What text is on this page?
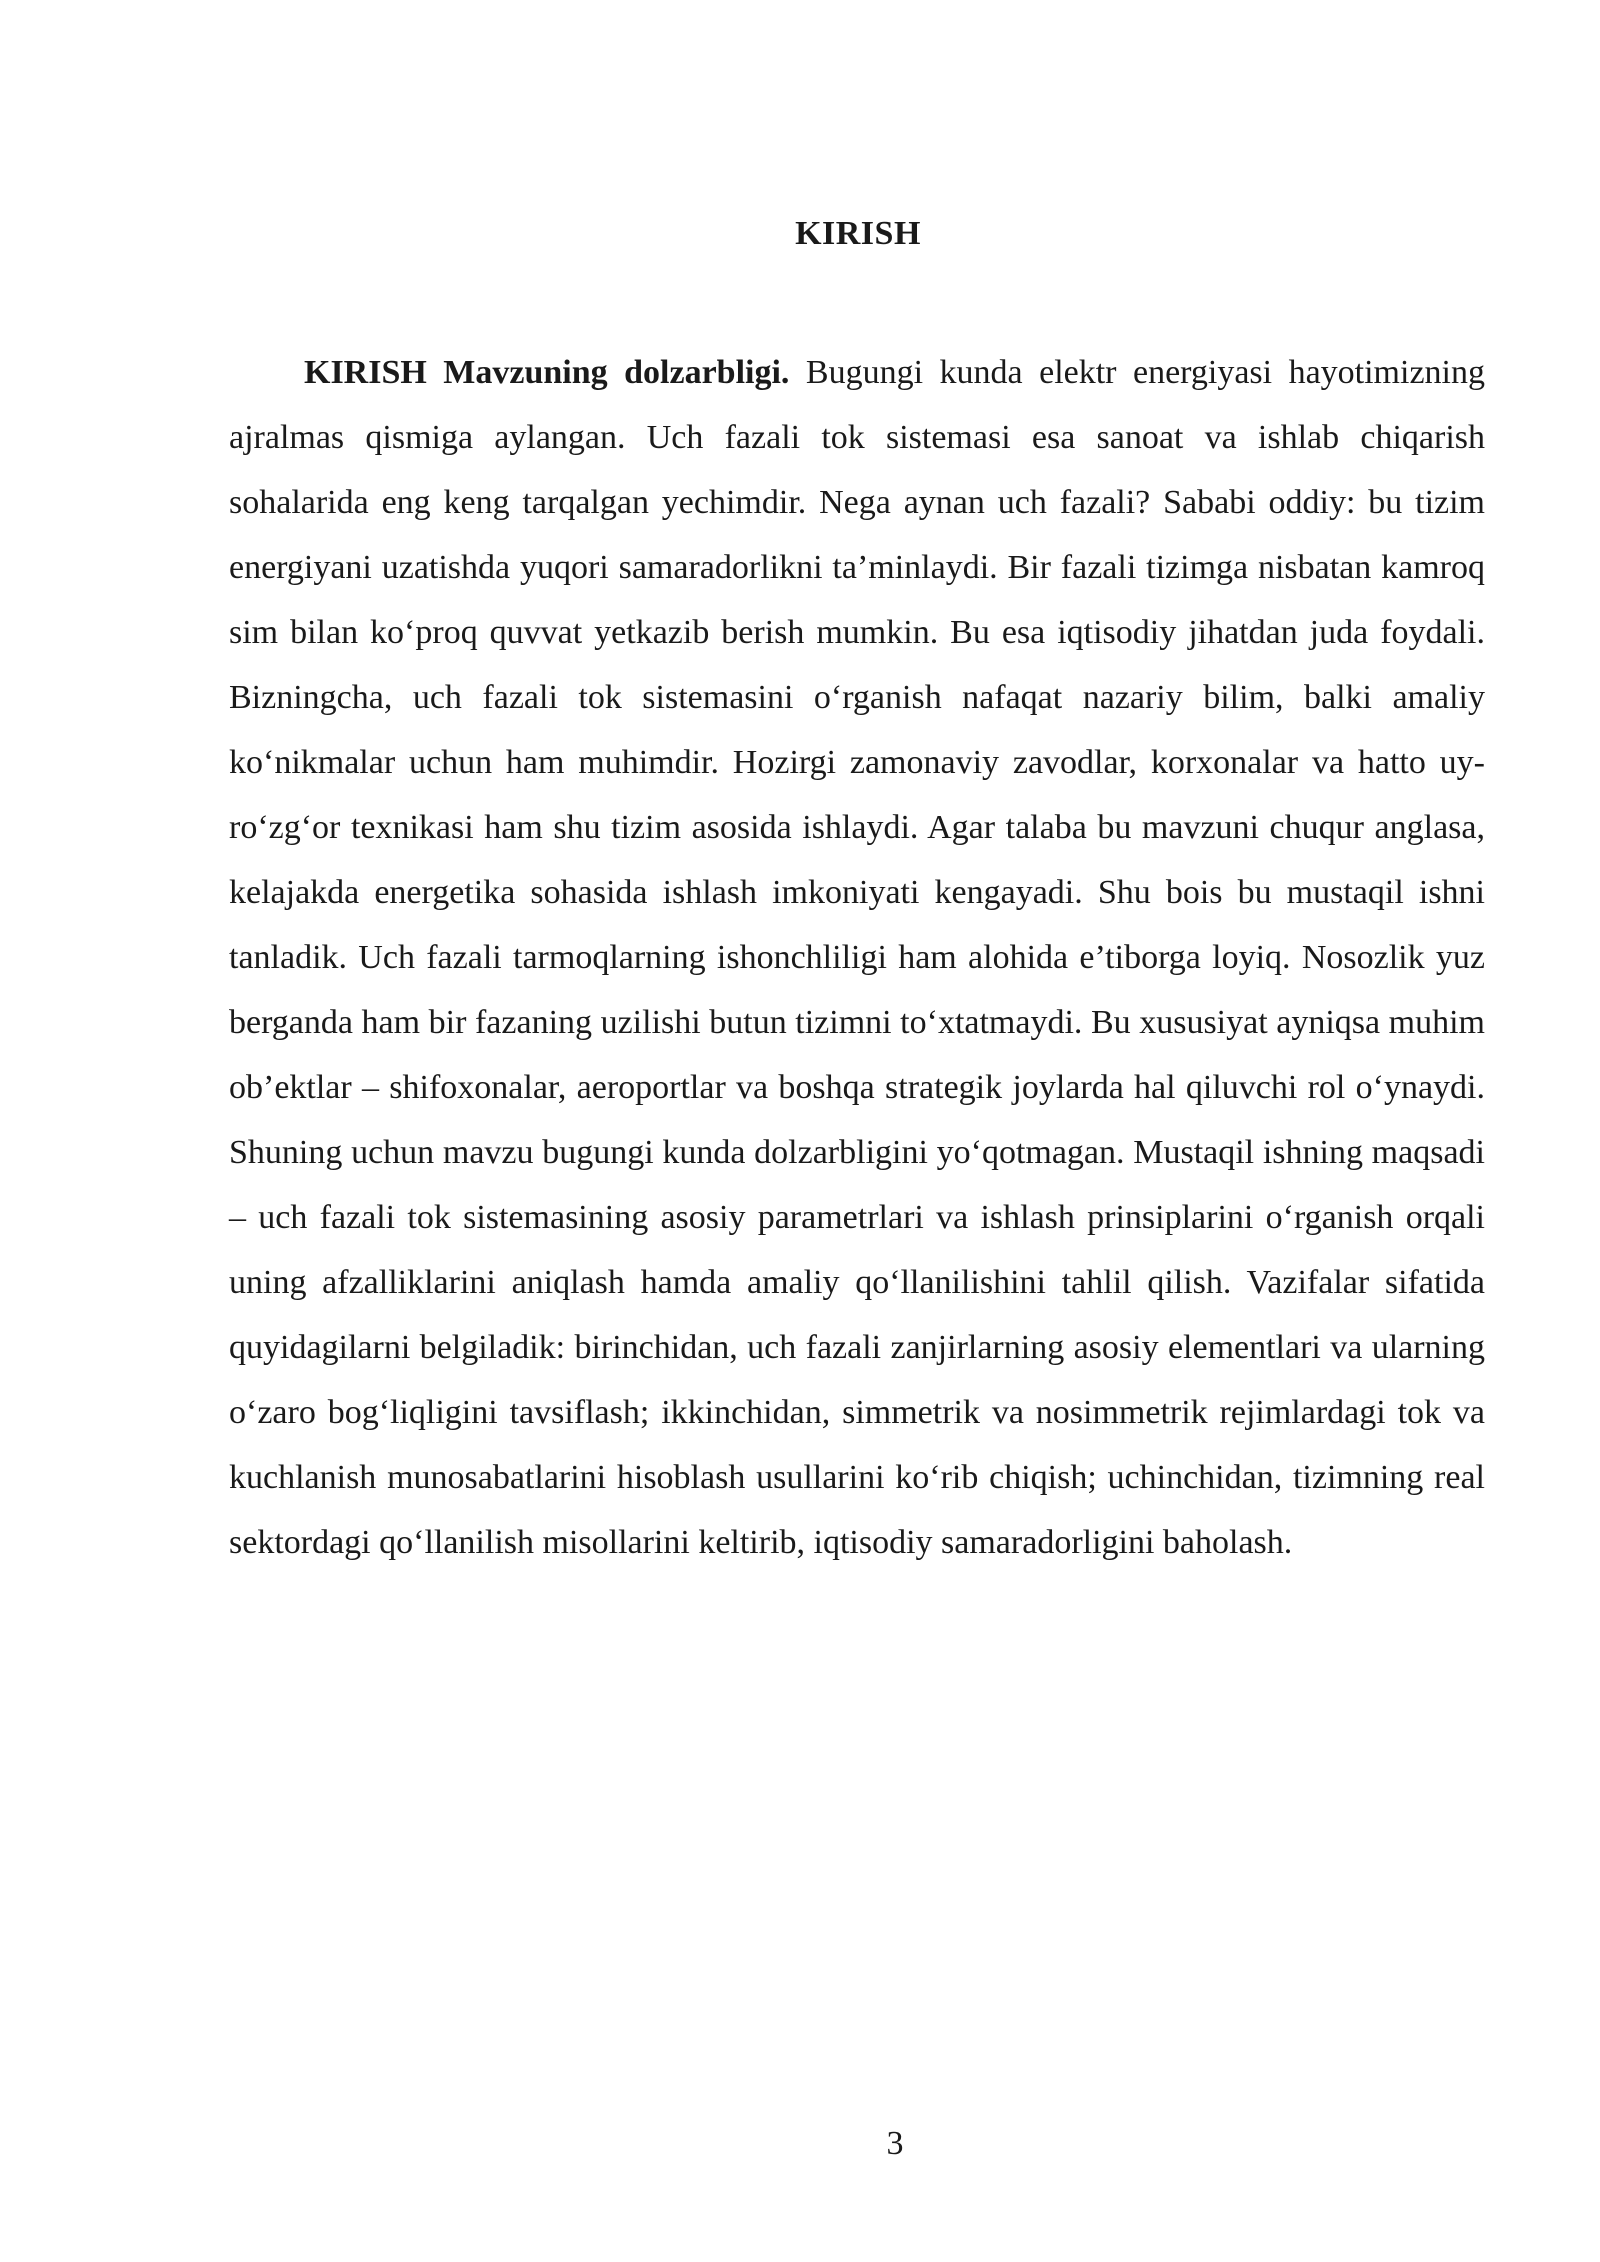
KIRISH

KIRISH Mavzuning dolzarbligi. Bugungi kunda elektr energiyasi hayotimizning ajralmas qismiga aylangan. Uch fazali tok sistemasi esa sanoat va ishlab chiqarish sohalarida eng keng tarqalgan yechimdir. Nega aynan uch fazali? Sababi oddiy: bu tizim energiyani uzatishda yuqori samaradorlikni ta’minlaydi. Bir fazali tizimga nisbatan kamroq sim bilan ko‘proq quvvat yetkazib berish mumkin. Bu esa iqtisodiy jihatdan juda foydali. Bizningcha, uch fazali tok sistemasini o‘rganish nafaqat nazariy bilim, balki amaliy ko‘nikmalar uchun ham muhimdir. Hozirgi zamonaviy zavodlar, korxonalar va hatto uy-ro‘zg‘or texnikasi ham shu tizim asosida ishlaydi. Agar talaba bu mavzuni chuqur anglasa, kelajakda energetika sohasida ishlash imkoniyati kengayadi. Shu bois bu mustaqil ishni tanladik. Uch fazali tarmoqlarning ishonchliligi ham alohida e’tiborga loyiq. Nosozlik yuz berganda ham bir fazaning uzilishi butun tizimni to‘xtatmaydi. Bu xususiyat ayniqsa muhim ob’ektlar – shifoxonalar, aeroportlar va boshqa strategik joylarda hal qiluvchi rol o‘ynaydi. Shuning uchun mavzu bugungi kunda dolzarbligini yo‘qotmagan. Mustaqil ishning maqsadi – uch fazali tok sistemasining asosiy parametrlari va ishlash prinsiplarini o‘rganish orqali uning afzalliklarini aniqlash hamda amaliy qo‘llanilishini tahlil qilish. Vazifalar sifatida quyidagilarni belgiladik: birinchidan, uch fazali zanjirlarning asosiy elementlari va ularning o‘zaro bog‘liqligini tavsiflash; ikkinchidan, simmetrik va nosimmetrik rejimlardagi tok va kuchlanish munosabatlarini hisoblash usullarini ko‘rib chiqish; uchinchidan, tizimning real sektordagi qo‘llanilish misollarini keltirib, iqtisodiy samaradorligini baholash.

3
